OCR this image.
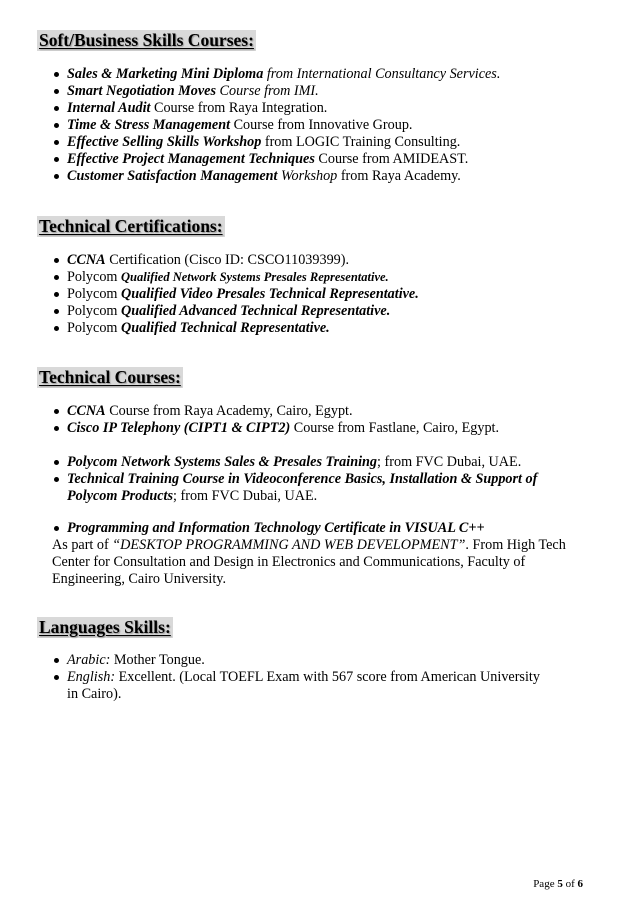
Soft/Business Skills Courses:
Sales & Marketing Mini Diploma from International Consultancy Services.
Smart Negotiation Moves Course from IMI.
Internal Audit Course from Raya Integration.
Time & Stress Management Course from Innovative Group.
Effective Selling Skills Workshop from LOGIC Training Consulting.
Effective Project Management Techniques Course from AMIDEAST.
Customer Satisfaction Management Workshop from Raya Academy.
Technical Certifications:
CCNA Certification (Cisco ID: CSCO11039399).
Polycom Qualified Network Systems Presales Representative.
Polycom Qualified Video Presales Technical Representative.
Polycom Qualified Advanced Technical Representative.
Polycom Qualified Technical Representative.
Technical Courses:
CCNA Course from Raya Academy, Cairo, Egypt.
Cisco IP Telephony (CIPT1 & CIPT2) Course from Fastlane, Cairo, Egypt.
Polycom Network Systems Sales & Presales Training; from FVC Dubai, UAE.
Technical Training Course in Videoconference Basics, Installation & Support of Polycom Products; from FVC Dubai, UAE.
Programming and Information Technology Certificate in VISUAL C++
As part of “DESKTOP PROGRAMMING AND WEB DEVELOPMENT”. From High Tech Center for Consultation and Design in Electronics and Communications, Faculty of Engineering, Cairo University.
Languages Skills:
Arabic: Mother Tongue.
English: Excellent. (Local TOEFL Exam with 567 score from American University in Cairo).
Page 5 of 6
